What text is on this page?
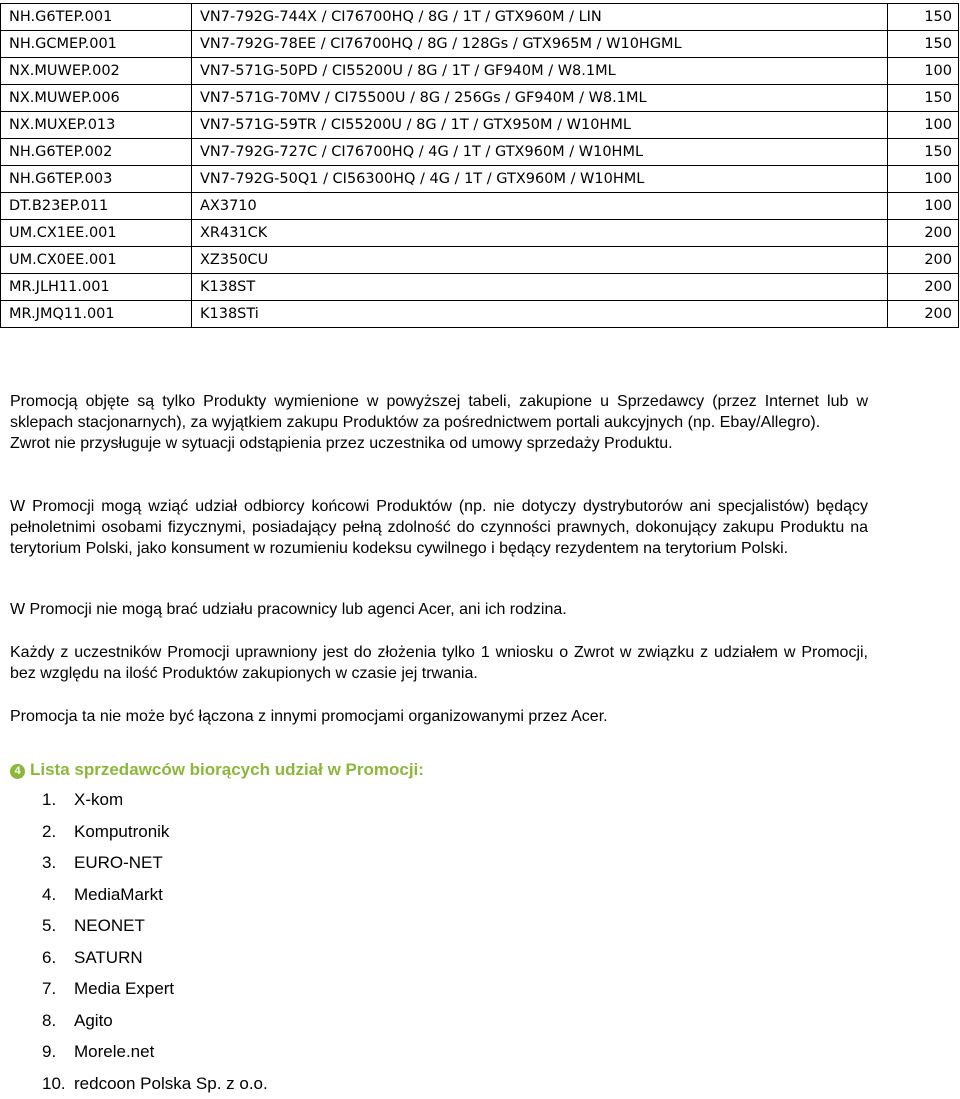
NH.G6TEP.001	VN7-792G-744X / CI76700HQ / 8G / 1T / GTX960M / LIN	150
NH.GCMEP.001	VN7-792G-78EE / CI76700HQ / 8G / 128Gs / GTX965M / W10HGML	150
NX.MUWEP.002	VN7-571G-50PD / CI55200U / 8G / 1T / GF940M / W8.1ML	100
NX.MUWEP.006	VN7-571G-70MV / CI75500U / 8G / 256Gs / GF940M / W8.1ML	150
NX.MUXEP.013	VN7-571G-59TR / CI55200U / 8G / 1T / GTX950M / W10HML	100
NH.G6TEP.002	VN7-792G-727C / CI76700HQ / 4G / 1T / GTX960M / W10HML	150
NH.G6TEP.003	VN7-792G-50Q1 / CI56300HQ / 4G / 1T / GTX960M / W10HML	100
DT.B23EP.011	AX3710	100
UM.CX1EE.001	XR431CK	200
UM.CX0EE.001	XZ350CU	200
MR.JLH11.001	K138ST	200
MR.JMQ11.001	K138STi	200
Promocją objęte są tylko Produkty wymienione w powyższej tabeli, zakupione u Sprzedawcy (przez Internet lub w sklepach stacjonarnych), za wyjątkiem zakupu Produktów za pośrednictwem portali aukcyjnych (np. Ebay/Allegro).
Zwrot nie przysługuje w sytuacji odstąpienia przez uczestnika od umowy sprzedaży Produktu.
W Promocji mogą wziąć udział odbiorcy końcowi Produktów (np. nie dotyczy dystrybutorów ani specjalistów) będący pełnoletnimi osobami fizycznymi, posiadający pełną zdolność do czynności prawnych, dokonujący zakupu Produktu na terytorium Polski, jako konsument w rozumieniu kodeksu cywilnego i będący rezydentem na terytorium Polski.
W Promocji nie mogą brać udziału pracownicy lub agenci Acer, ani ich rodzina.
Każdy z uczestników Promocji uprawniony jest do złożenia tylko 1 wniosku o Zwrot w związku z udziałem w Promocji, bez względu na ilość Produktów zakupionych w czasie jej trwania.
Promocja ta nie może być łączona z innymi promocjami organizowanymi przez Acer.
4 Lista sprzedawców biorących udział w Promocji:
1. X-kom
2. Komputronik
3. EURO-NET
4. MediaMarkt
5. NEONET
6. SATURN
7. Media Expert
8. Agito
9. Morele.net
10. redcoon Polska Sp. z o.o.
